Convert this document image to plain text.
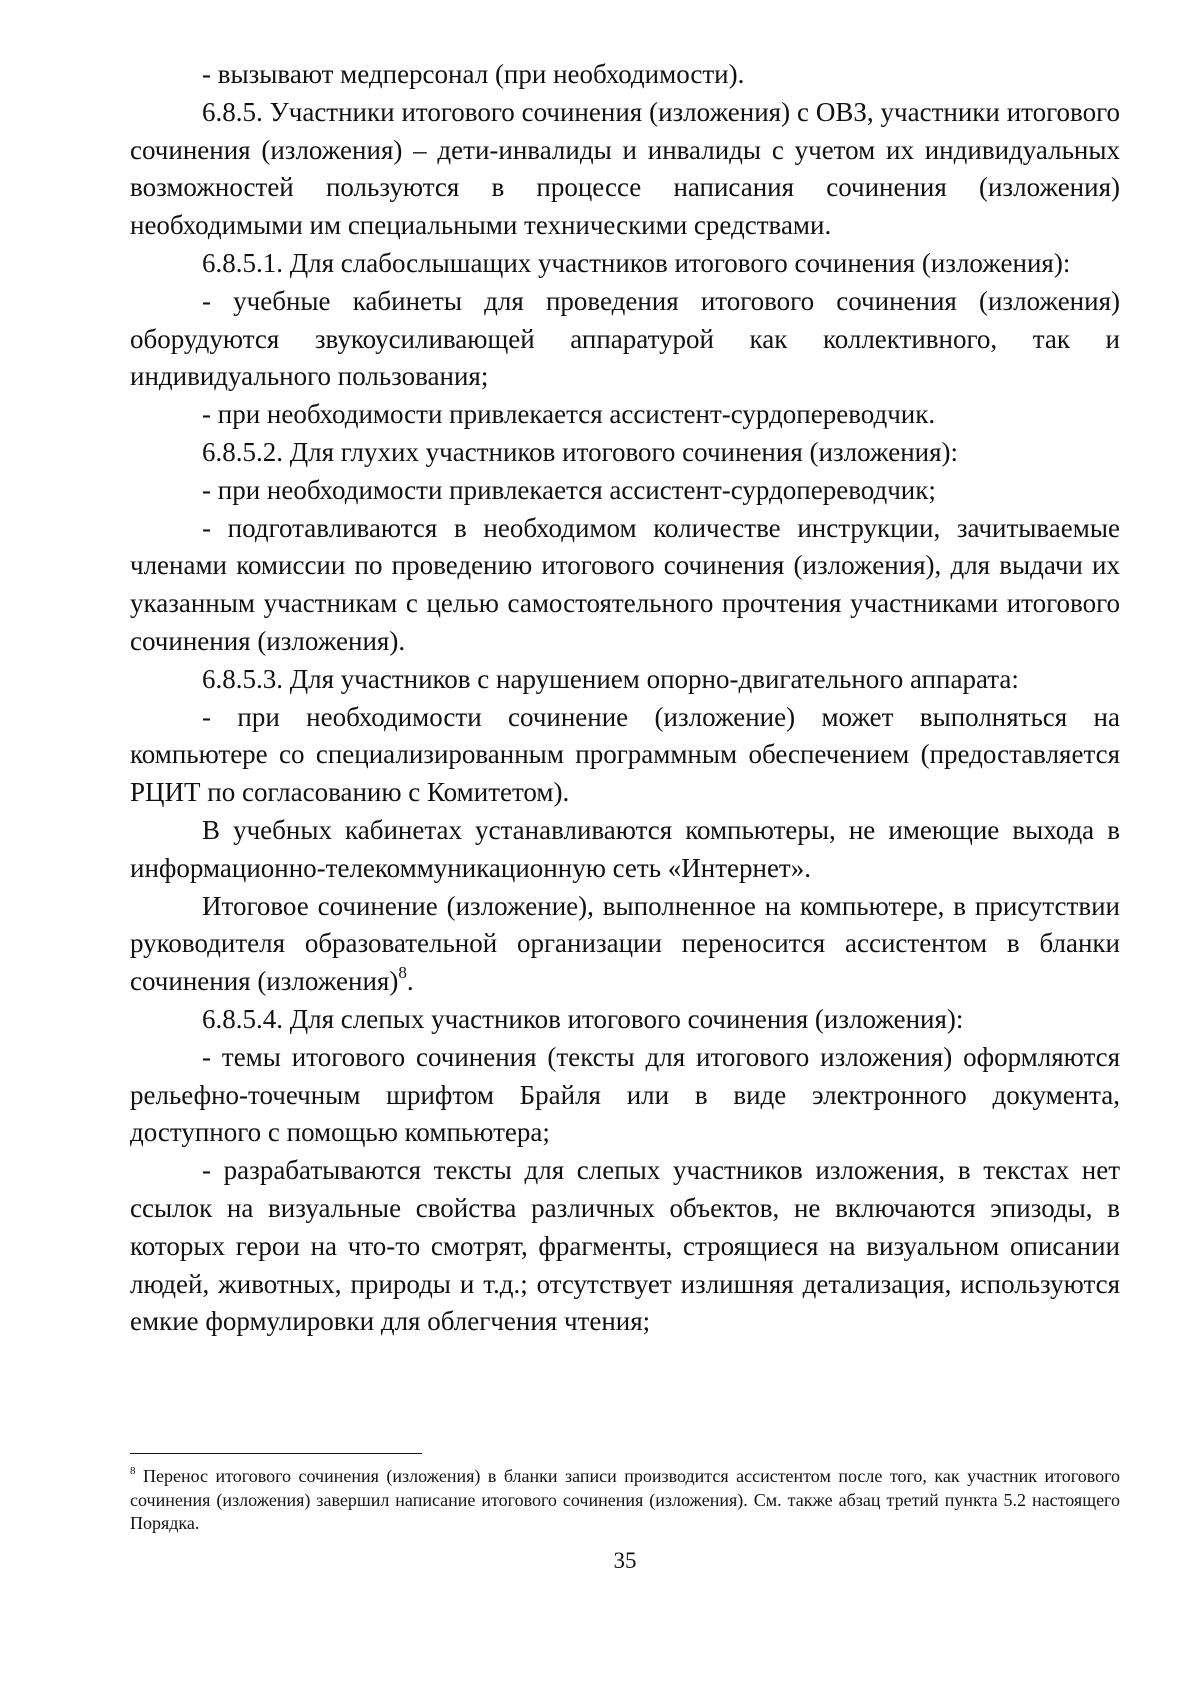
- вызывают медперсонал (при необходимости).

6.8.5. Участники итогового сочинения (изложения) с ОВЗ, участники итогового сочинения (изложения) – дети-инвалиды и инвалиды с учетом их индивидуальных возможностей пользуются в процессе написания сочинения (изложения) необходимыми им специальными техническими средствами.

6.8.5.1. Для слабослышащих участников итогового сочинения (изложения):

- учебные кабинеты для проведения итогового сочинения (изложения) оборудуются звукоусиливающей аппаратурой как коллективного, так и индивидуального пользования;

- при необходимости привлекается ассистент-сурдопереводчик.

6.8.5.2. Для глухих участников итогового сочинения (изложения):

- при необходимости привлекается ассистент-сурдопереводчик;

- подготавливаются в необходимом количестве инструкции, зачитываемые членами комиссии по проведению итогового сочинения (изложения), для выдачи их указанным участникам с целью самостоятельного прочтения участниками итогового сочинения (изложения).

6.8.5.3. Для участников с нарушением опорно-двигательного аппарата:

- при необходимости сочинение (изложение) может выполняться на компьютере со специализированным программным обеспечением (предоставляется РЦИТ по согласованию с Комитетом).

В учебных кабинетах устанавливаются компьютеры, не имеющие выхода в информационно-телекоммуникационную сеть «Интернет».

Итоговое сочинение (изложение), выполненное на компьютере, в присутствии руководителя образовательной организации переносится ассистентом в бланки сочинения (изложения)$^8$.

6.8.5.4. Для слепых участников итогового сочинения (изложения):

- темы итогового сочинения (тексты для итогового изложения) оформляются рельефно-точечным шрифтом Брайля или в виде электронного документа, доступного с помощью компьютера;

- разрабатываются тексты для слепых участников изложения, в текстах нет ссылок на визуальные свойства различных объектов, не включаются эпизоды, в которых герои на что-то смотрят, фрагменты, строящиеся на визуальном описании людей, животных, природы и т.д.; отсутствует излишняя детализация, используются емкие формулировки для облегчения чтения;

$^8$ Перенос итогового сочинения (изложения) в бланки записи производится ассистентом после того, как участник итогового сочинения (изложения) завершил написание итогового сочинения (изложения). См. также абзац третий пункта 5.2 настоящего Порядка.
35
